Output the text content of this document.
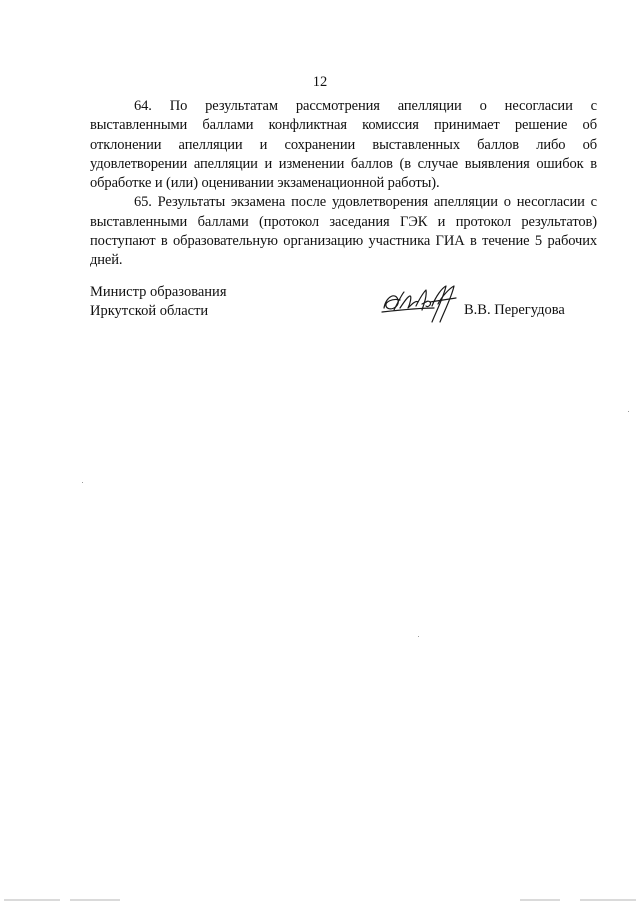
12

64. По результатам рассмотрения апелляции о несогласии с выставленными баллами конфликтная комиссия принимает решение об отклонении апелляции и сохранении выставленных баллов либо об удовлетворении апелляции и изменении баллов (в случае выявления ошибок в обработке и (или) оценивании экзаменационной работы).

65. Результаты экзамена после удовлетворения апелляции о несогласии с выставленными баллами (протокол заседания ГЭК и протокол результатов) поступают в образовательную организацию участника ГИА в течение 5 рабочих дней.

Министр образования
Иркутской области	В.В. Перегудова
